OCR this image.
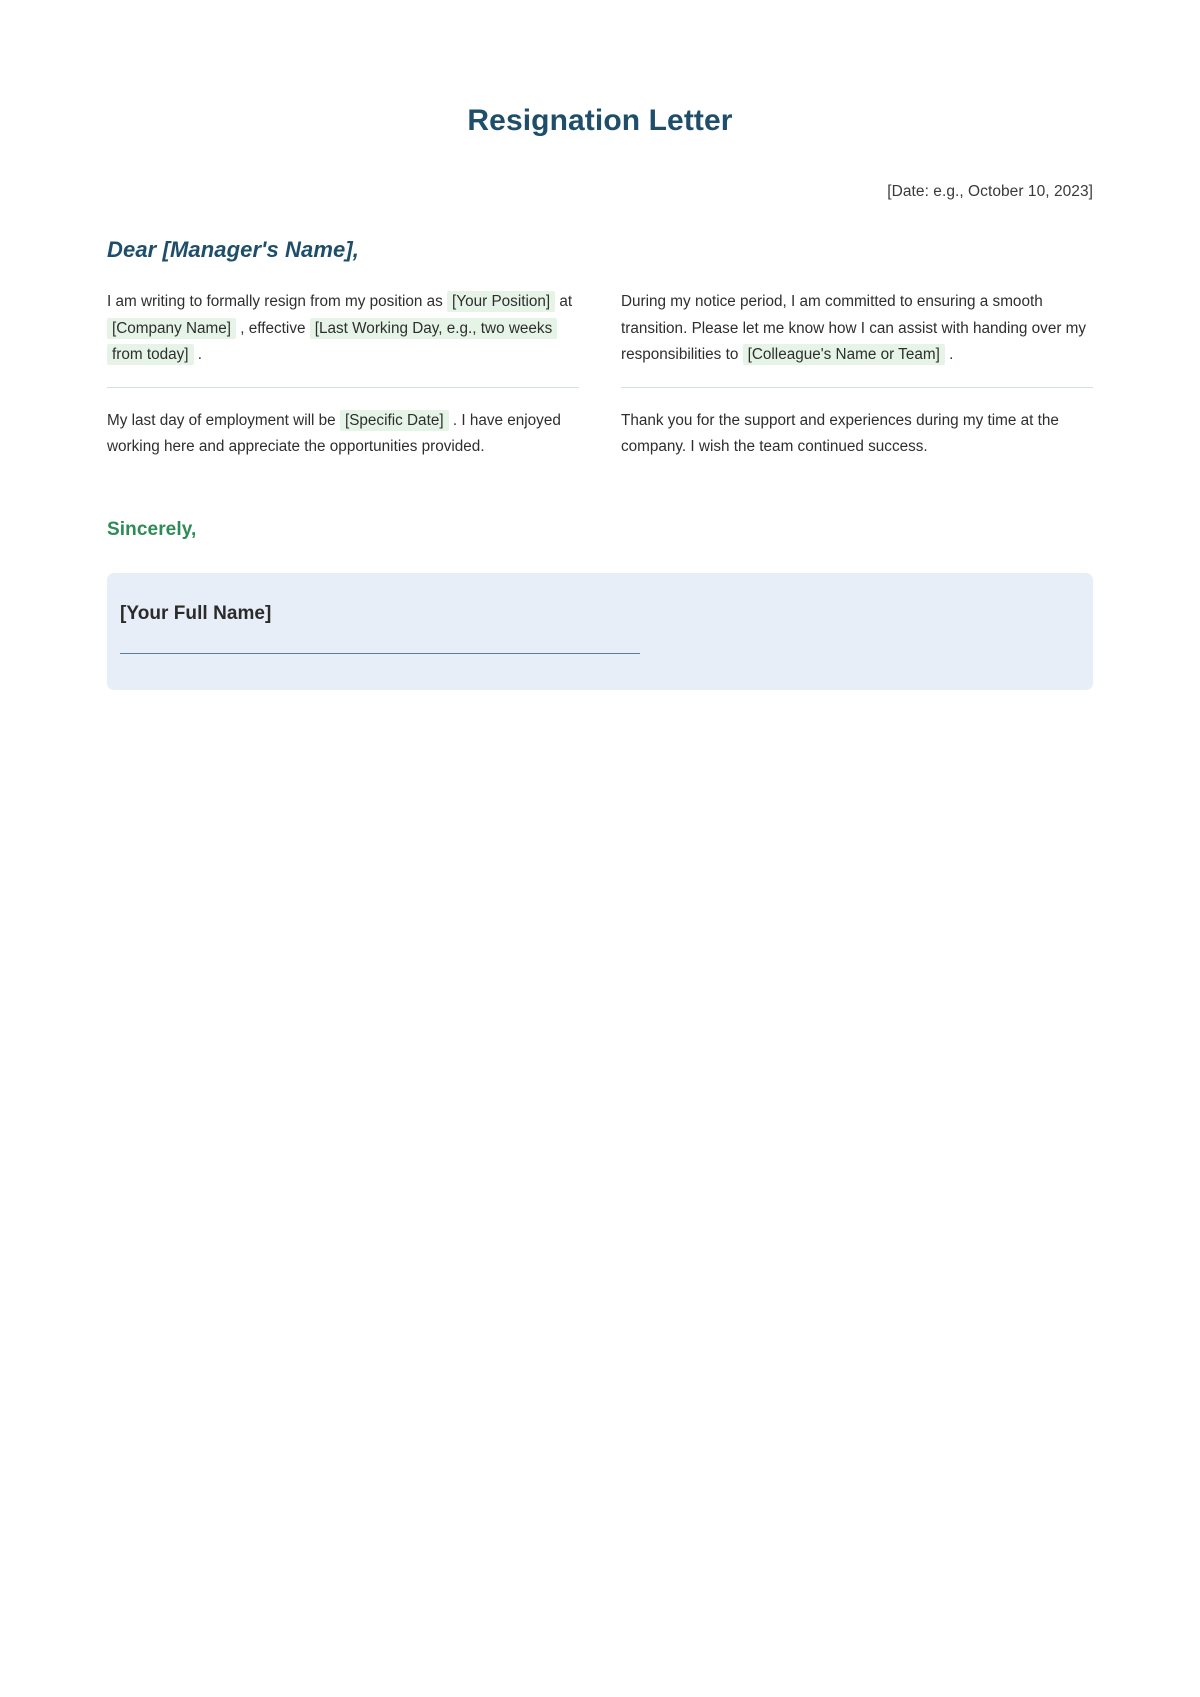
Resignation Letter
[Date: e.g., October 10, 2023]
Dear [Manager's Name],

I am writing to formally resign from my position as [Your Position] at [Company Name] , effective [Last Working Day, e.g., two weeks from today] .

My last day of employment will be [Specific Date] . I have enjoyed working here and appreciate the opportunities provided.

During my notice period, I am committed to ensuring a smooth transition. Please let me know how I can assist with handing over my responsibilities to [Colleague's Name or Team] .

Thank you for the support and experiences during my time at the company. I wish the team continued success.

Sincerely,
[Your Full Name]
